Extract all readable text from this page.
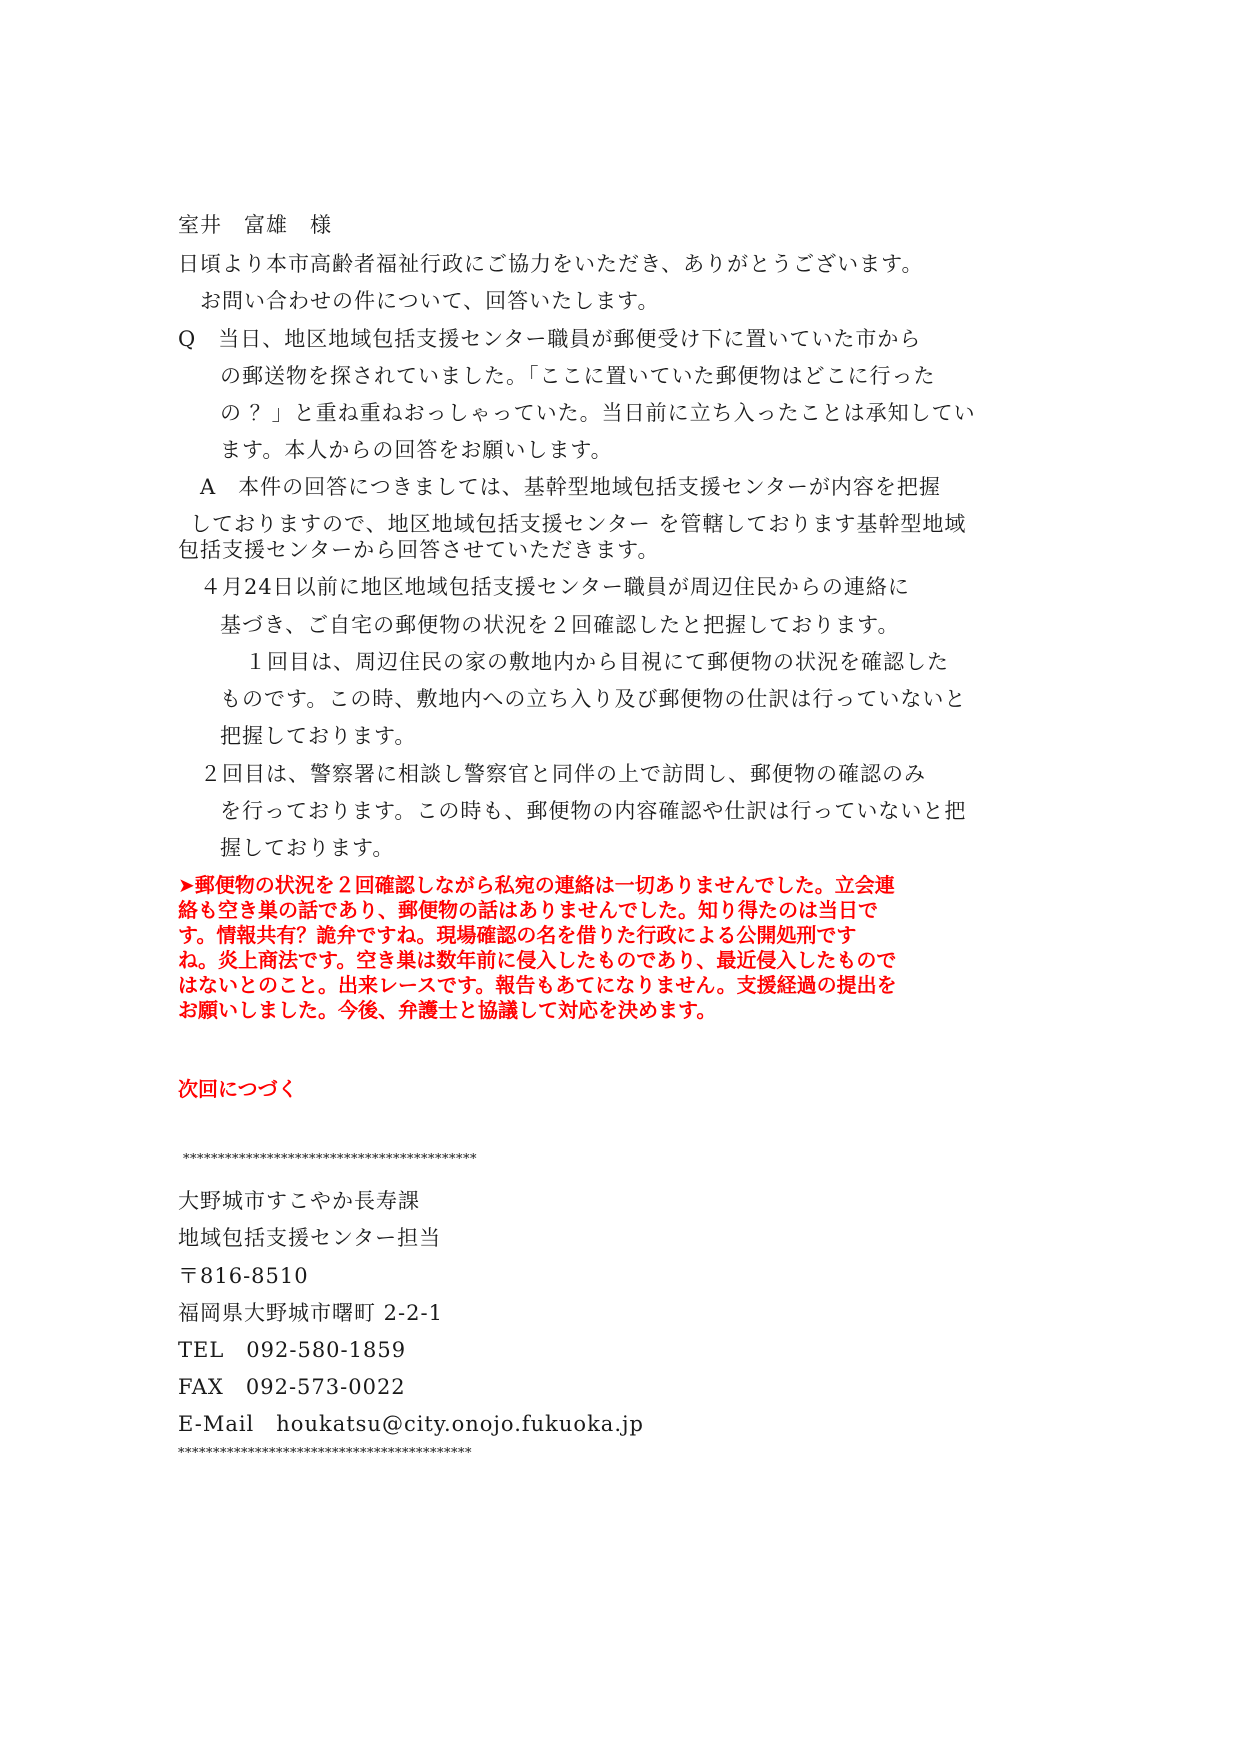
室井　富雄　様
日頃より本市高齢者福祉行政にご協力をいただき、ありがとうございます。
お問い合わせの件について、回答いたします。
Q　当日、地区地域包括支援センター職員が郵便受け下に置いていた市から
の郵送物を探されていました。「ここに置いていた郵便物はどこに行った
の ？」と重ね重ねおっしゃっていた。当日前に立ち入ったことは承知してい
ます。本人からの回答をお願いします。
A　本件の回答につきましては、基幹型地域包括支援センターが内容を把握
しておりますので、地区地域包括支援センター を管轄しております基幹型地域
包括支援センターから回答させていただきます。
４月24日以前に地区地域包括支援センター職員が周辺住民からの連絡に
基づき、ご自宅の郵便物の状況を２回確認したと把握しております。
１回目は、周辺住民の家の敷地内から目視にて郵便物の状況を確認した
ものです。この時、敷地内への立ち入り及び郵便物の仕訳は行っていないと
把握しております。
２回目は、警察署に相談し警察官と同伴の上で訪問し、郵便物の確認のみ
を行っております。この時も、郵便物の内容確認や仕訳は行っていないと把
握しております。
➤郵便物の状況を２回確認しながら私宛の連絡は一切ありませんでした。立会連
絡も空き巣の話であり、郵便物の話はありませんでした。知り得たのは当日で
す。情報共有？詭弁ですね。現場確認の名を借りた行政による公開処刑です
ね。炎上商法です。空き巣は数年前に侵入したものであり、最近侵入したもので
はないとのこと。出来レースです。報告もあてになりません。支援経過の提出を
お願いしました。今後、弁護士と協議して対応を決めます。
次回につづく
******************************************
大野城市すこやか長寿課
地域包括支援センター担当
〒816-8510
福岡県大野城市曙町 2-2-1
TEL　092-580-1859
FAX　092-573-0022
E-Mail　houkatsu@city.onojo.fukuoka.jp
******************************************
